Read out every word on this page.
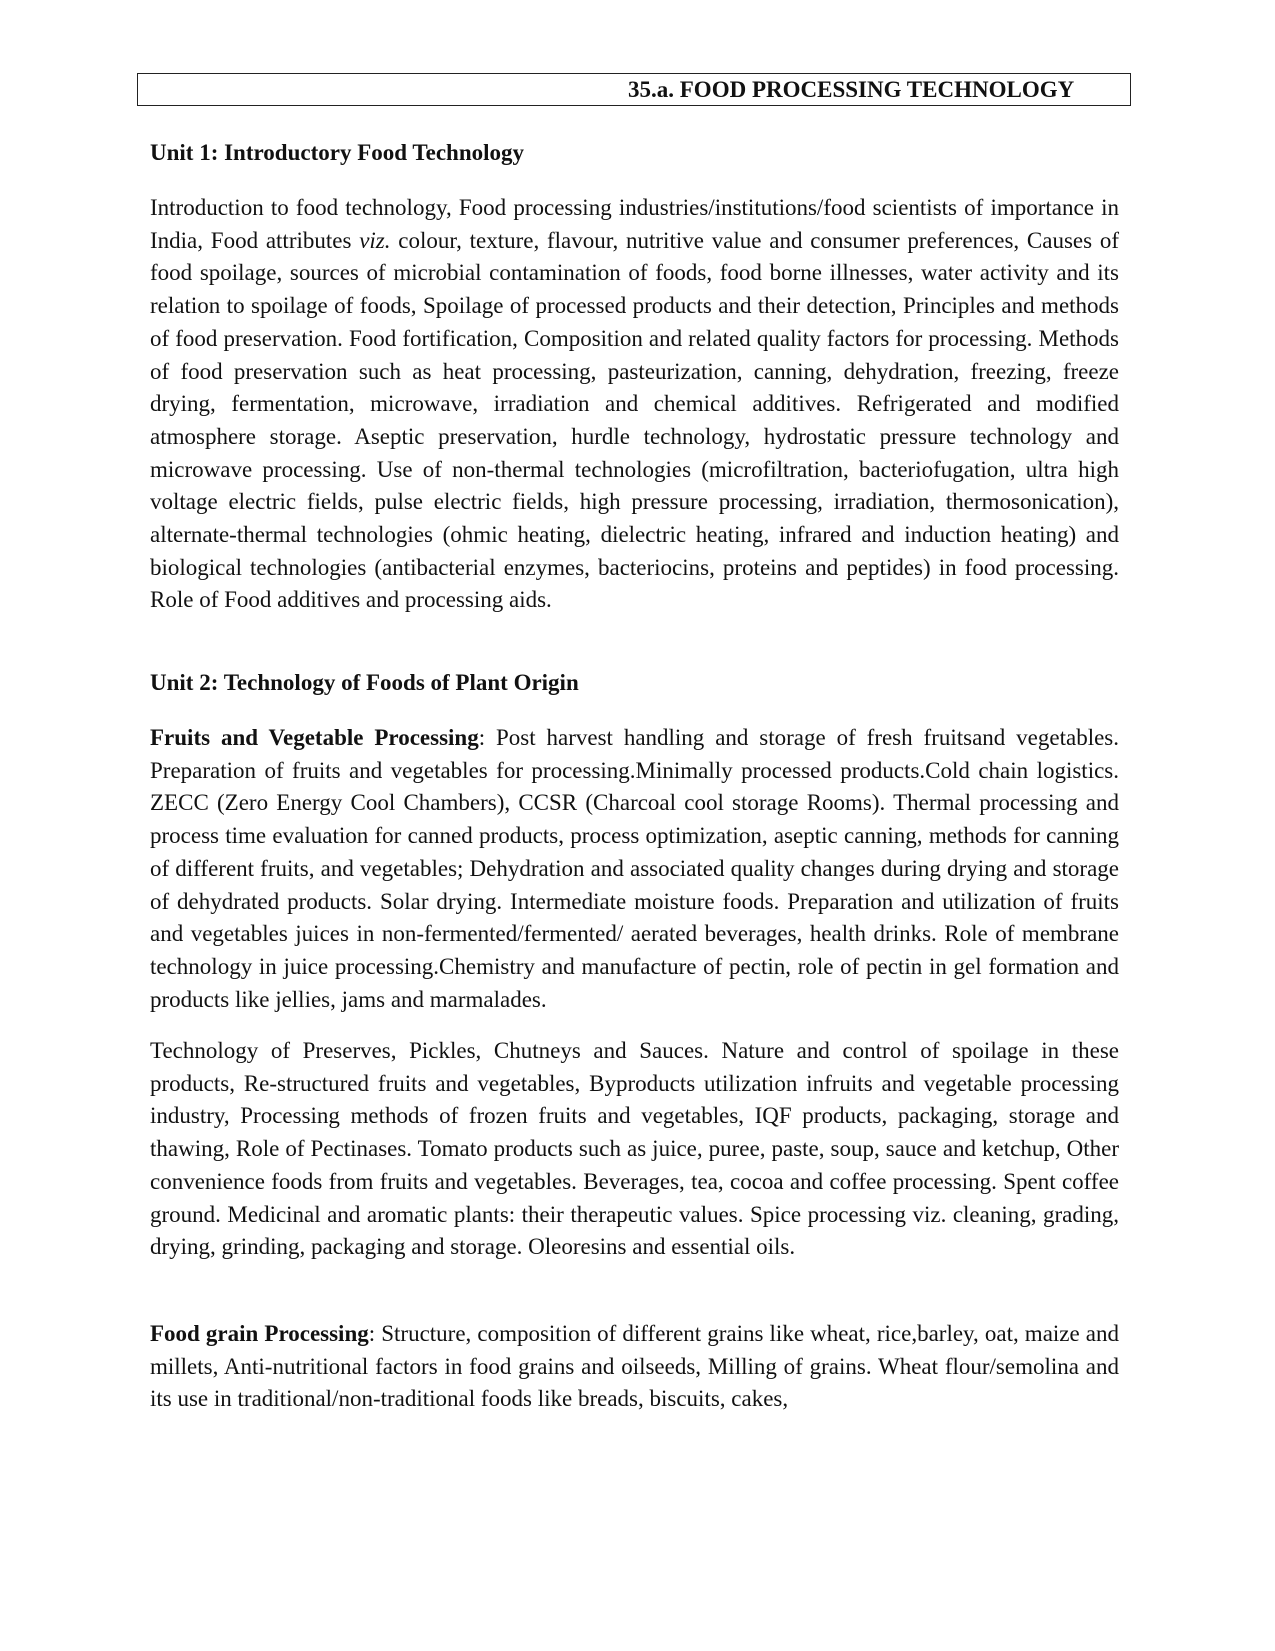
35.a. FOOD PROCESSING TECHNOLOGY
Unit 1: Introductory Food Technology

Introduction to food technology, Food processing industries/institutions/food scientists of importance in India, Food attributes viz. colour, texture, flavour, nutritive value and consumer preferences, Causes of food spoilage, sources of microbial contamination of foods, food borne illnesses, water activity and its relation to spoilage of foods, Spoilage of processed products and their detection, Principles and methods of food preservation. Food fortification, Composition and related quality factors for processing. Methods of food preservation such as heat processing, pasteurization, canning, dehydration, freezing, freeze drying, fermentation, microwave, irradiation and chemical additives. Refrigerated and modified atmosphere storage. Aseptic preservation, hurdle technology, hydrostatic pressure technology and microwave processing. Use of non-thermal technologies (microfiltration, bacteriofugation, ultra high voltage electric fields, pulse electric fields, high pressure processing, irradiation, thermosonication), alternate-thermal technologies (ohmic heating, dielectric heating, infrared and induction heating) and biological technologies (antibacterial enzymes, bacteriocins, proteins and peptides) in food processing. Role of Food additives and processing aids.

Unit 2: Technology of Foods of Plant Origin

Fruits and Vegetable Processing: Post harvest handling and storage of fresh fruitsand vegetables. Preparation of fruits and vegetables for processing.Minimally processed products.Cold chain logistics. ZECC (Zero Energy Cool Chambers), CCSR (Charcoal cool storage Rooms). Thermal processing and process time evaluation for canned products, process optimization, aseptic canning, methods for canning of different fruits, and vegetables; Dehydration and associated quality changes during drying and storage of dehydrated products. Solar drying. Intermediate moisture foods. Preparation and utilization of fruits and vegetables juices in non-fermented/fermented/ aerated beverages, health drinks. Role of membrane technology in juice processing.Chemistry and manufacture of pectin, role of pectin in gel formation and products like jellies, jams and marmalades.

Technology of Preserves, Pickles, Chutneys and Sauces. Nature and control of spoilage in these products, Re-structured fruits and vegetables, Byproducts utilization infruits and vegetable processing industry, Processing methods of frozen fruits and vegetables, IQF products, packaging, storage and thawing, Role of Pectinases. Tomato products such as juice, puree, paste, soup, sauce and ketchup, Other convenience foods from fruits and vegetables. Beverages, tea, cocoa and coffee processing. Spent coffee ground. Medicinal and aromatic plants: their therapeutic values. Spice processing viz. cleaning, grading, drying, grinding, packaging and storage. Oleoresins and essential oils.

Food grain Processing: Structure, composition of different grains like wheat, rice,barley, oat, maize and millets, Anti-nutritional factors in food grains and oilseeds, Milling of grains. Wheat flour/semolina and its use in traditional/non-traditional foods like breads, biscuits, cakes,
